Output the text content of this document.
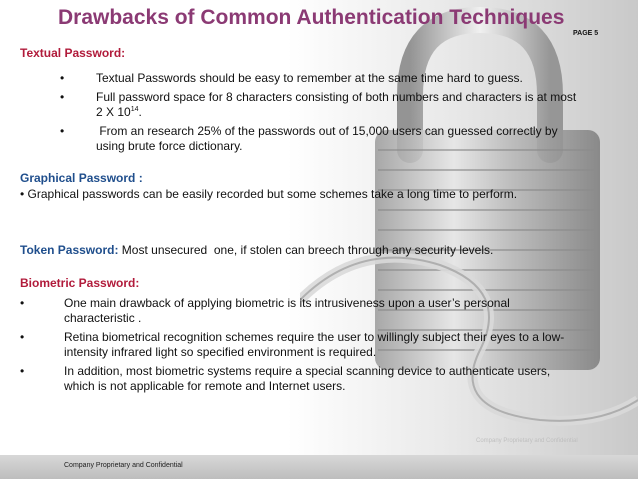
Company Proprietary and Confidential
Company Proprietary and Confidential
Drawbacks of Common Authentication Techniques
PAGE 5
Textual Password:
•	Textual Passwords should be easy to remember at the same time hard to guess.
•	Full password space for 8 characters consisting of both numbers and characters is at most
2 X $10^{14}$.
•	From an research 25% of the passwords out of 15,000 users can guessed correctly by
using brute force dictionary.
Graphical Password :
• Graphical passwords can be easily recorded but some schemes take a long time to perform.
Token Password: Most unsecured  one, if stolen can breech through any security levels.
Biometric Password:
•	One main drawback of applying biometric is its intrusiveness upon a user’s personal
characteristic .
•	Retina biometrical recognition schemes require the user to willingly subject their eyes to a low-
intensity infrared light so specified environment is required.
•	In addition, most biometric systems require a special scanning device to authenticate users,
which is not applicable for remote and Internet users.
